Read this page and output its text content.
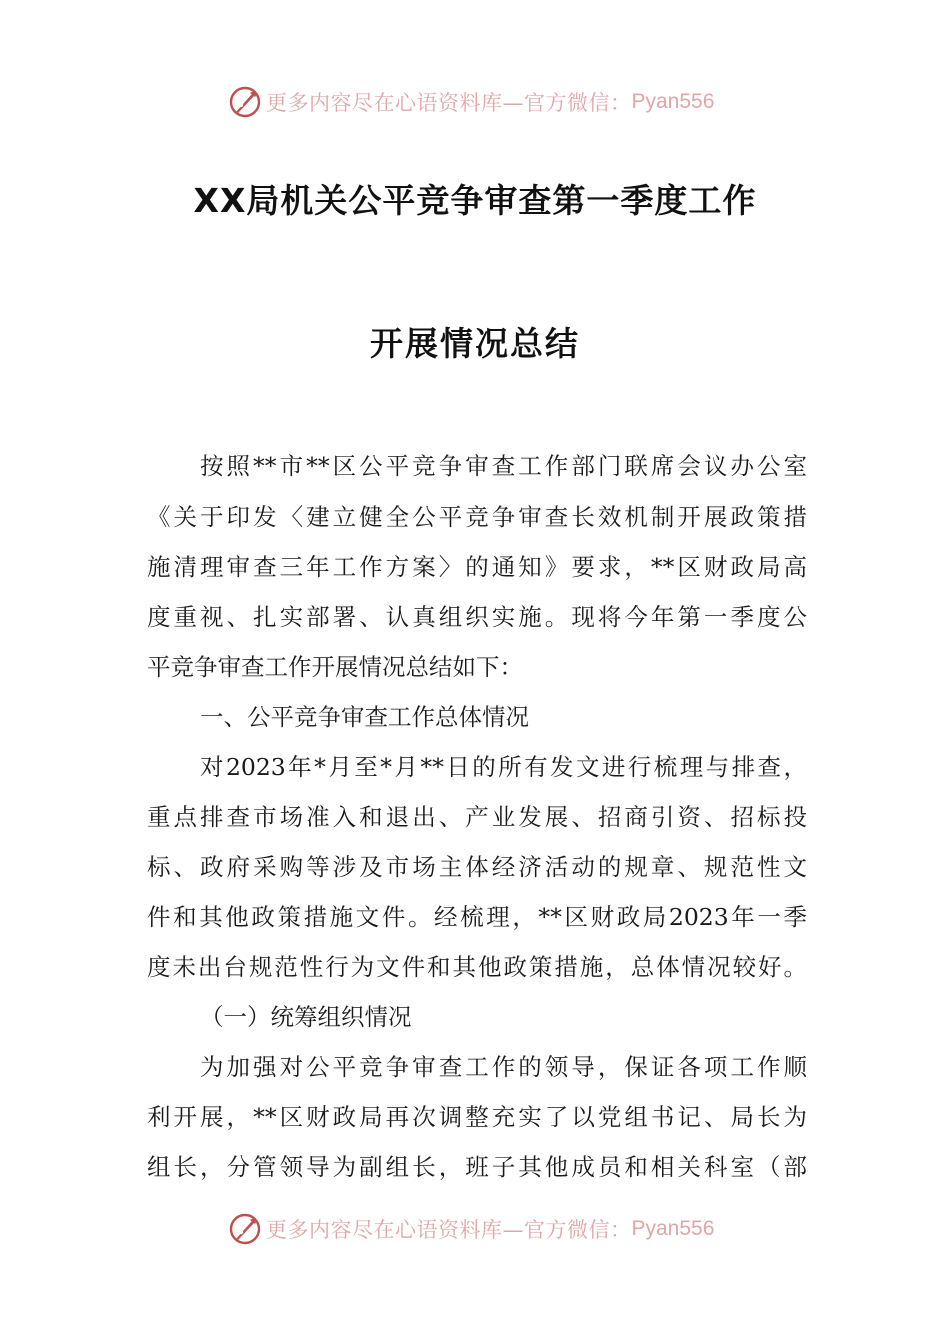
更多内容尽在心语资料库—官方微信： Pyan556
XX局机关公平竞争审查第一季度工作
开展情况总结
按照**市**区公平竞争审查工作部门联席会议办公室
《关于印发〈建立健全公平竞争审查长效机制开展政策措
施清理审查三年工作方案〉的通知》要求，**区财政局高
度重视、扎实部署、认真组织实施。现将今年第一季度公
平竞争审查工作开展情况总结如下：
一、公平竞争审查工作总体情况
对2023年*月至*月**日的所有发文进行梳理与排查，
重点排查市场准入和退出、产业发展、招商引资、招标投
标、政府采购等涉及市场主体经济活动的规章、规范性文
件和其他政策措施文件。经梳理，**区财政局2023年一季
度未出台规范性行为文件和其他政策措施，总体情况较好。
（一）统筹组织情况
为加强对公平竞争审查工作的领导，保证各项工作顺
利开展，**区财政局再次调整充实了以党组书记、局长为
组长，分管领导为副组长，班子其他成员和相关科室（部
更多内容尽在心语资料库—官方微信： Pyan556
